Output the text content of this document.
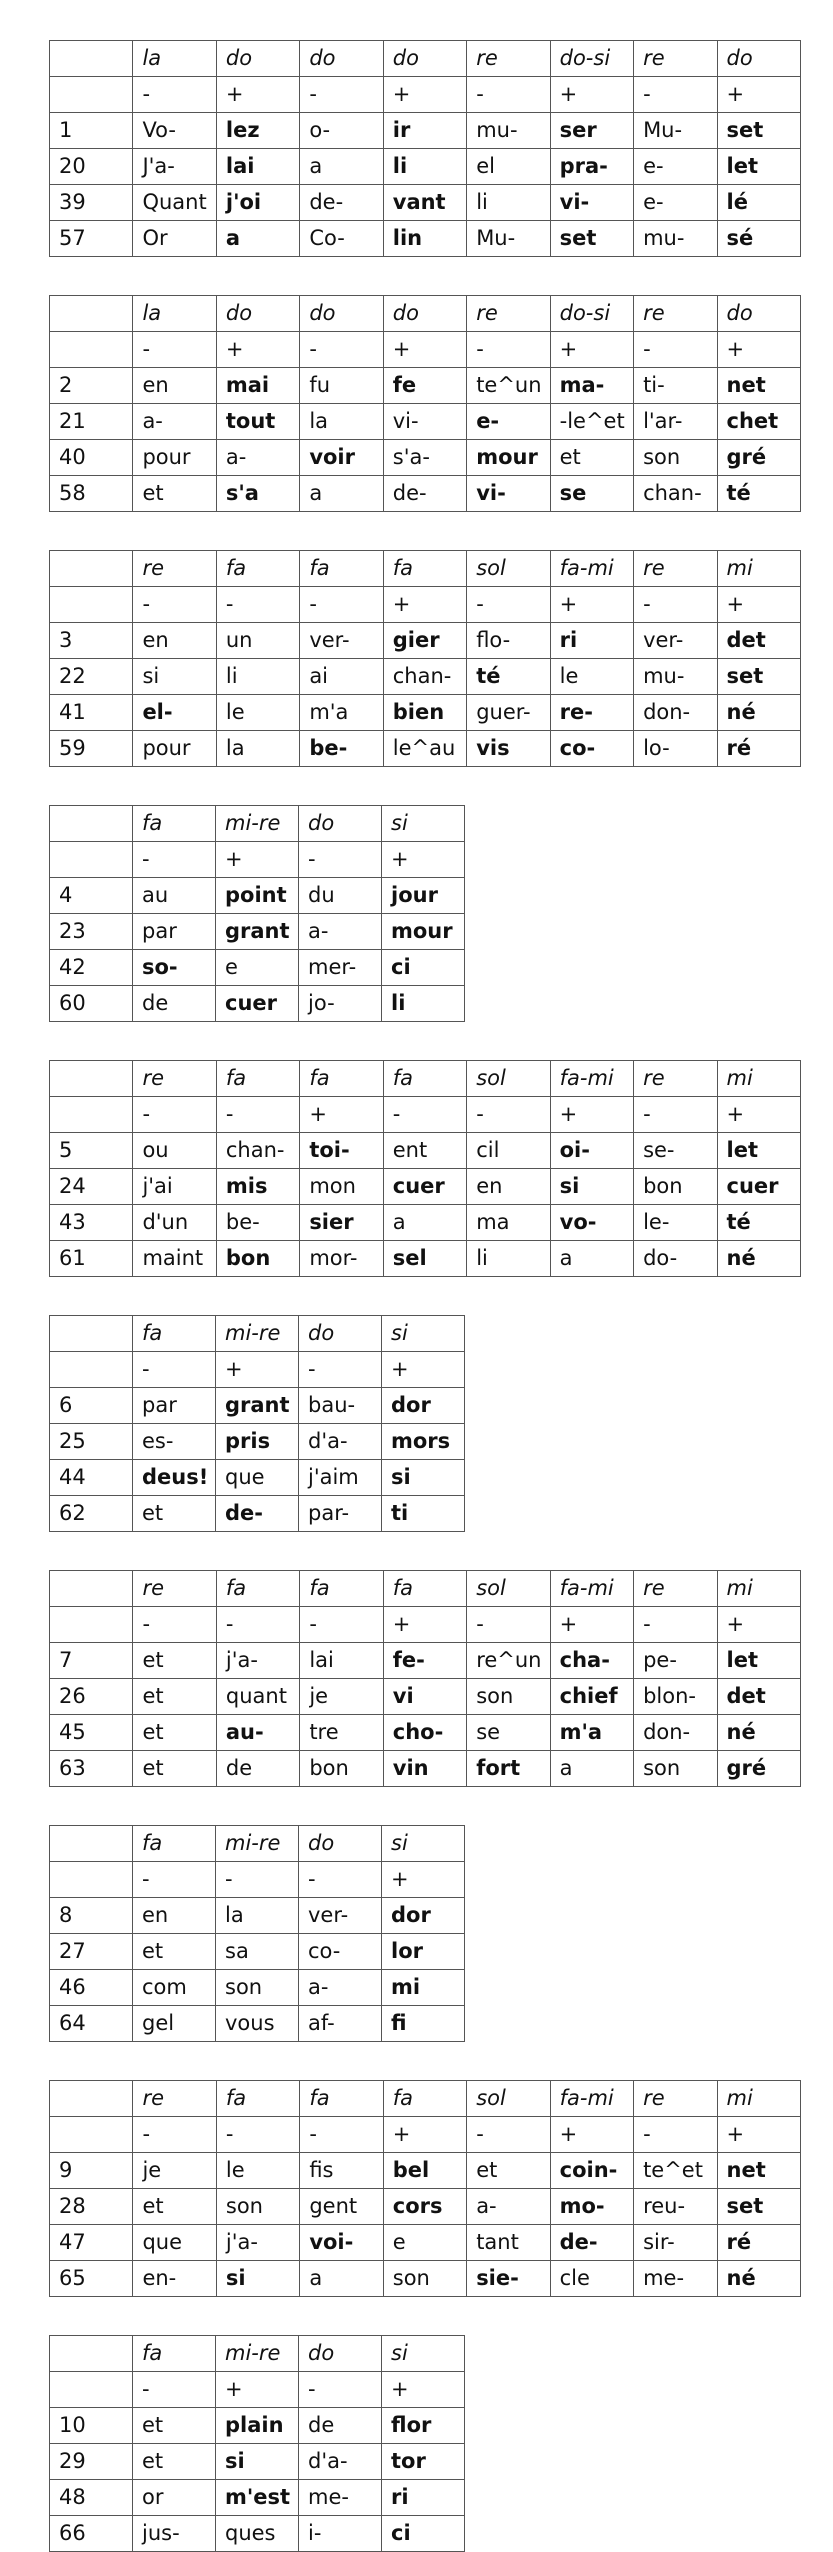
	la	do	do	do	re	do-si	re	do
	-	+	-	+	-	+	-	+
1	Vo-	lez	o-	ir	mu-	ser	Mu-	set
20	J'a-	lai	a	li	el	pra-	e-	let
39	Quant	j'oi	de-	vant	li	vi-	e-	lé
57	Or	a	Co-	lin	Mu-	set	mu-	sé
	la	do	do	do	re	do-si	re	do
	-	+	-	+	-	+	-	+
2	en	mai	fu	fe	te^un	ma-	ti-	net
21	a-	tout	la	vi-	e-	-le^et	l'ar-	chet
40	pour	a-	voir	s'a-	mour	et	son	gré
58	et	s'a	a	de-	vi-	se	chan-	té
	re	fa	fa	fa	sol	fa-mi	re	mi
	-	-	-	+	-	+	-	+
3	en	un	ver-	gier	flo-	ri	ver-	det
22	si	li	ai	chan-	té	le	mu-	set
41	el-	le	m'a	bien	guer-	re-	don-	né
59	pour	la	be-	le^au	vis	co-	lo-	ré
	fa	mi-re	do	si
	-	+	-	+
4	au	point	du	jour
23	par	grant	a-	mour
42	so-	e	mer-	ci
60	de	cuer	jo-	li
	re	fa	fa	fa	sol	fa-mi	re	mi
	-	-	+	-	-	+	-	+
5	ou	chan-	toi-	ent	cil	oi-	se-	let
24	j'ai	mis	mon	cuer	en	si	bon	cuer
43	d'un	be-	sier	a	ma	vo-	le-	té
61	maint	bon	mor-	sel	li	a	do-	né
	fa	mi-re	do	si
	-	+	-	+
6	par	grant	bau-	dor
25	es-	pris	d'a-	mors
44	deus!	que	j'aim	si
62	et	de-	par-	ti
	re	fa	fa	fa	sol	fa-mi	re	mi
	-	-	-	+	-	+	-	+
7	et	j'a-	lai	fe-	re^un	cha-	pe-	let
26	et	quant	je	vi	son	chief	blon-	det
45	et	au-	tre	cho-	se	m'a	don-	né
63	et	de	bon	vin	fort	a	son	gré
	fa	mi-re	do	si
	-	-	-	+
8	en	la	ver-	dor
27	et	sa	co-	lor
46	com	son	a-	mi
64	gel	vous	af-	fi
	re	fa	fa	fa	sol	fa-mi	re	mi
	-	-	-	+	-	+	-	+
9	je	le	fis	bel	et	coin-	te^et	net
28	et	son	gent	cors	a-	mo-	reu-	set
47	que	j'a-	voi-	e	tant	de-	sir-	ré
65	en-	si	a	son	sie-	cle	me-	né
	fa	mi-re	do	si
	-	+	-	+
10	et	plain	de	flor
29	et	si	d'a-	tor
48	or	m'est	me-	ri
66	jus-	ques	i-	ci
